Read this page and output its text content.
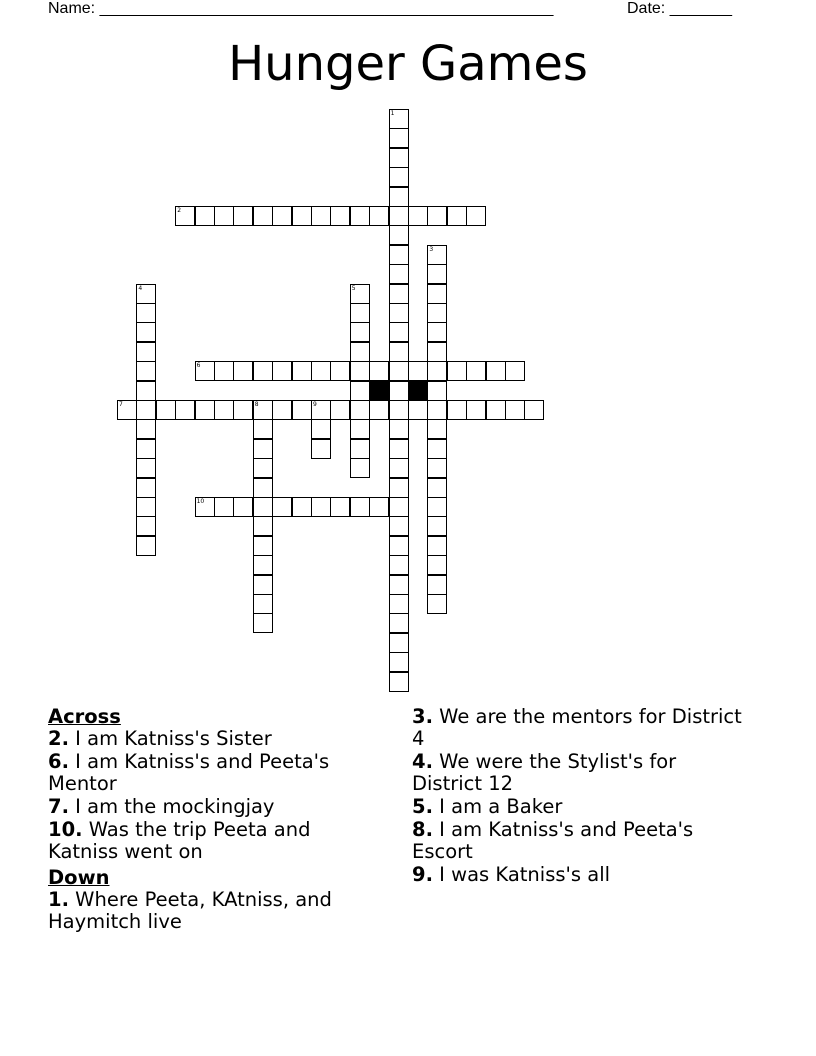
Name: ___________________________________________________	Date: _______
Hunger Games
1
2
3
4	5
6
7	8	9
10
Across
2. I am Katniss's Sister
6. I am Katniss's and Peeta's Mentor
7. I am the mockingjay
10. Was the trip Peeta and Katniss went on
Down
1. Where Peeta, KAtniss, and Haymitch live
3. We are the mentors for District 4
4. We were the Stylist's for District 12
5. I am a Baker
8. I am Katniss's and Peeta's Escort
9. I was Katniss's all
